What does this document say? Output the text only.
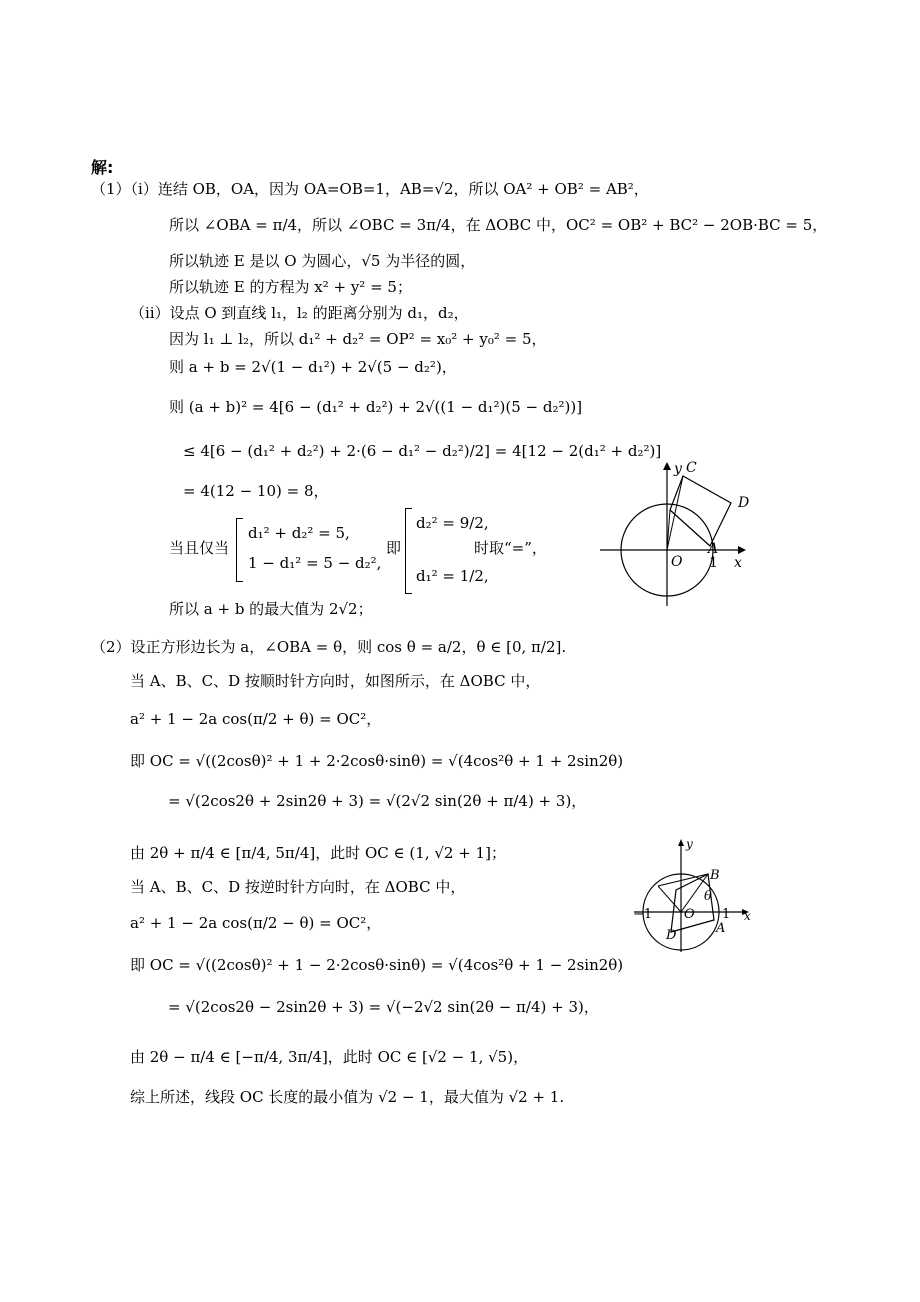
解:
（1）（ⅰ）连结 OB，OA，因为 OA=OB=1，AB=√2，所以 OA² + OB² = AB²，
所以 ∠OBA = π/4，所以 ∠OBC = 3π/4，在 ΔOBC 中，OC² = OB² + BC² − 2OB·BC = 5，
所以轨迹 E 是以 O 为圆心，√5 为半径的圆，
所以轨迹 E 的方程为 x² + y² = 5；
（ⅱ）设点 O 到直线 l₁，l₂ 的距离分别为 d₁，d₂，
因为 l₁ ⊥ l₂，所以 d₁² + d₂² = OP² = x₀² + y₀² = 5，
则 a + b = 2√(1 − d₁²) + 2√(5 − d₂²)，
则 (a + b)² = 4[6 − (d₁² + d₂²) + 2√((1 − d₁²)(5 − d₂²))]
≤ 4[6 − (d₁² + d₂²) + 2·(6 − d₁² − d₂²)/2] = 4[12 − 2(d₁² + d₂²)]
= 4(12 − 10) = 8，
当且仅当
d₁² + d₂² = 5,
1 − d₁² = 5 − d₂²,
即
d₂² = 9/2,
d₁² = 1/2,
时取“=”，
所以 a + b 的最大值为 2√2；
（2）设正方形边长为 a，∠OBA = θ，则 cos θ = a/2，θ ∈ [0, π/2].
当 A、B、C、D 按顺时针方向时，如图所示，在 ΔOBC 中，
a² + 1 − 2a cos(π/2 + θ) = OC²，
即 OC = √((2cosθ)² + 1 + 2·2cosθ·sinθ) = √(4cos²θ + 1 + 2sin2θ)
= √(2cos2θ + 2sin2θ + 3) = √(2√2 sin(2θ + π/4) + 3)，
由 2θ + π/4 ∈ [π/4, 5π/4]，此时 OC ∈ (1, √2 + 1]；
当 A、B、C、D 按逆时针方向时，在 ΔOBC 中，
a² + 1 − 2a cos(π/2 − θ) = OC²，
即 OC = √((2cosθ)² + 1 − 2·2cosθ·sinθ) = √(4cos²θ + 1 − 2sin2θ)
= √(2cos2θ − 2sin2θ + 3) = √(−2√2 sin(2θ − π/4) + 3)，
由 2θ − π/4 ∈ [−π/4, 3π/4]，此时 OC ∈ [√2 − 1, √5)，
综上所述，线段 OC 长度的最小值为 √2 − 1，最大值为 √2 + 1.
y C
D
A
O 1 x
y
B
θ
O
−1	1 x
D	A
